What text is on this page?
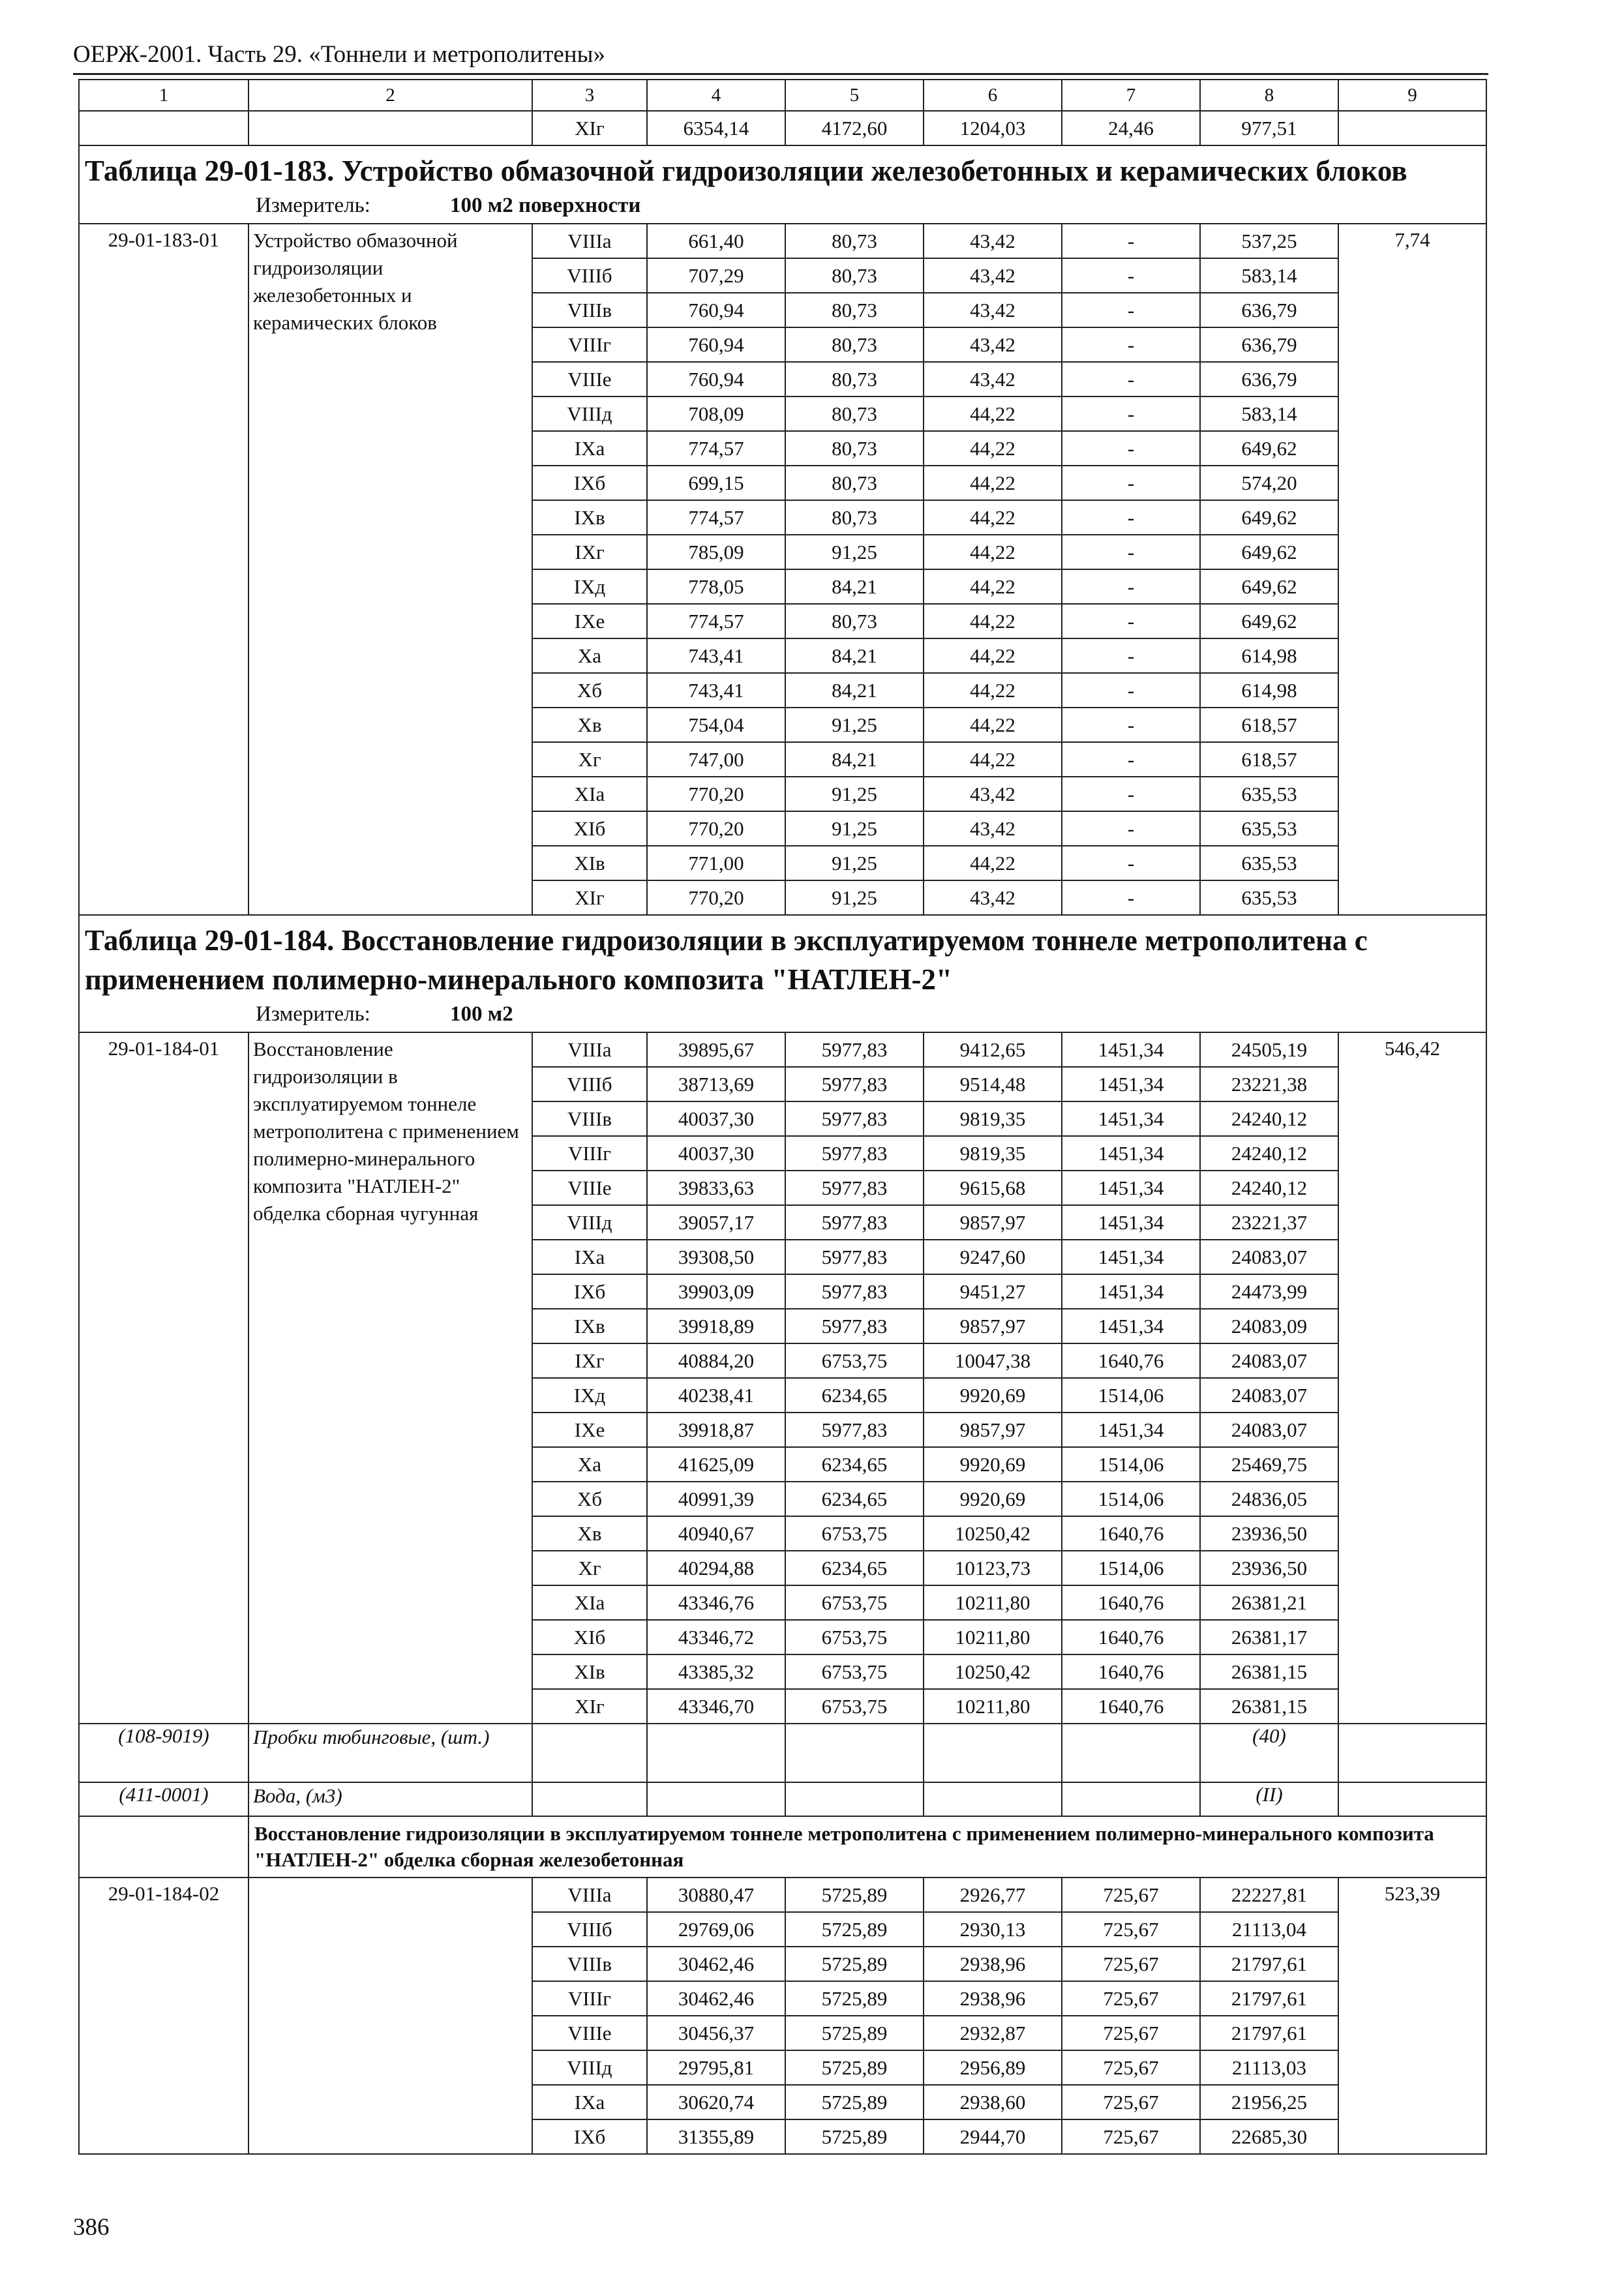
ОЕРЖ-2001. Часть 29. «Тоннели и метрополитены»
1	2	3	4	5	6	7	8	9
		XIг	6354,14	4172,60	1204,03	24,46	977,51	

Таблица 29-01-183. Устройство обмазочной гидроизоляции железобетонных и керамических блоков
Измеритель: 100 м2 поверхности								

29-01-183-01	Устройство обмазочной гидроизоляции железобетонных и керамических блоков	VIIIа	661,40	80,73	43,42	-	537,25	7,74
		VIIIб	707,29	80,73	43,42	-	583,14	
		VIIIв	760,94	80,73	43,42	-	636,79	
		VIIIг	760,94	80,73	43,42	-	636,79	
		VIIIе	760,94	80,73	43,42	-	636,79	
		VIIIд	708,09	80,73	44,22	-	583,14	
		IXа	774,57	80,73	44,22	-	649,62	
		IXб	699,15	80,73	44,22	-	574,20	
		IXв	774,57	80,73	44,22	-	649,62	
		IXг	785,09	91,25	44,22	-	649,62	
		IXд	778,05	84,21	44,22	-	649,62	
		IXе	774,57	80,73	44,22	-	649,62	
		Xа	743,41	84,21	44,22	-	614,98	
		Xб	743,41	84,21	44,22	-	614,98	
		Xв	754,04	91,25	44,22	-	618,57	
		Xг	747,00	84,21	44,22	-	618,57	
		XIа	770,20	91,25	43,42	-	635,53	
		XIб	770,20	91,25	43,42	-	635,53	
		XIв	771,00	91,25	44,22	-	635,53	
		XIг	770,20	91,25	43,42	-	635,53	

Таблица 29-01-184. Восстановление гидроизоляции в эксплуатируемом тоннеле метрополитена с применением полимерно-минерального композита "НАТЛЕН-2"
Измеритель: 100 м2								

29-01-184-01	Восстановление гидроизоляции в эксплуатируемом тоннеле метрополитена с применением полимерно-минерального композита "НАТЛЕН-2" обделка сборная чугунная	VIIIа	39895,67	5977,83	9412,65	1451,34	24505,19	546,42
		VIIIб	38713,69	5977,83	9514,48	1451,34	23221,38	
		VIIIв	40037,30	5977,83	9819,35	1451,34	24240,12	
		VIIIг	40037,30	5977,83	9819,35	1451,34	24240,12	
		VIIIе	39833,63	5977,83	9615,68	1451,34	24240,12	
		VIIIд	39057,17	5977,83	9857,97	1451,34	23221,37	
		IXа	39308,50	5977,83	9247,60	1451,34	24083,07	
		IXб	39903,09	5977,83	9451,27	1451,34	24473,99	
		IXв	39918,89	5977,83	9857,97	1451,34	24083,09	
		IXг	40884,20	6753,75	10047,38	1640,76	24083,07	
		IXд	40238,41	6234,65	9920,69	1514,06	24083,07	
		IXе	39918,87	5977,83	9857,97	1451,34	24083,07	
		Xа	41625,09	6234,65	9920,69	1514,06	25469,75	
		Xб	40991,39	6234,65	9920,69	1514,06	24836,05	
		Xв	40940,67	6753,75	10250,42	1640,76	23936,50	
		Xг	40294,88	6234,65	10123,73	1514,06	23936,50	
		XIа	43346,76	6753,75	10211,80	1640,76	26381,21	
		XIб	43346,72	6753,75	10211,80	1640,76	26381,17	
		XIв	43385,32	6753,75	10250,42	1640,76	26381,15	
		XIг	43346,70	6753,75	10211,80	1640,76	26381,15	
(108-9019)	Пробки тюбинговые, (шт.)						(40)	
(411-0001)	Вода, (м3)						(II)	
	Восстановление гидроизоляции в эксплуатируемом тоннеле метрополитена с применением полимерно-минерального композита "НАТЛЕН-2" обделка сборная железобетонная							
29-01-184-02		VIIIа	30880,47	5725,89	2926,77	725,67	22227,81	523,39
		VIIIб	29769,06	5725,89	2930,13	725,67	21113,04	
		VIIIв	30462,46	5725,89	2938,96	725,67	21797,61	
		VIIIг	30462,46	5725,89	2938,96	725,67	21797,61	
		VIIIе	30456,37	5725,89	2932,87	725,67	21797,61	
		VIIIд	29795,81	5725,89	2956,89	725,67	21113,03	
		IXа	30620,74	5725,89	2938,60	725,67	21956,25	
		IXб	31355,89	5725,89	2944,70	725,67	22685,30	
386
